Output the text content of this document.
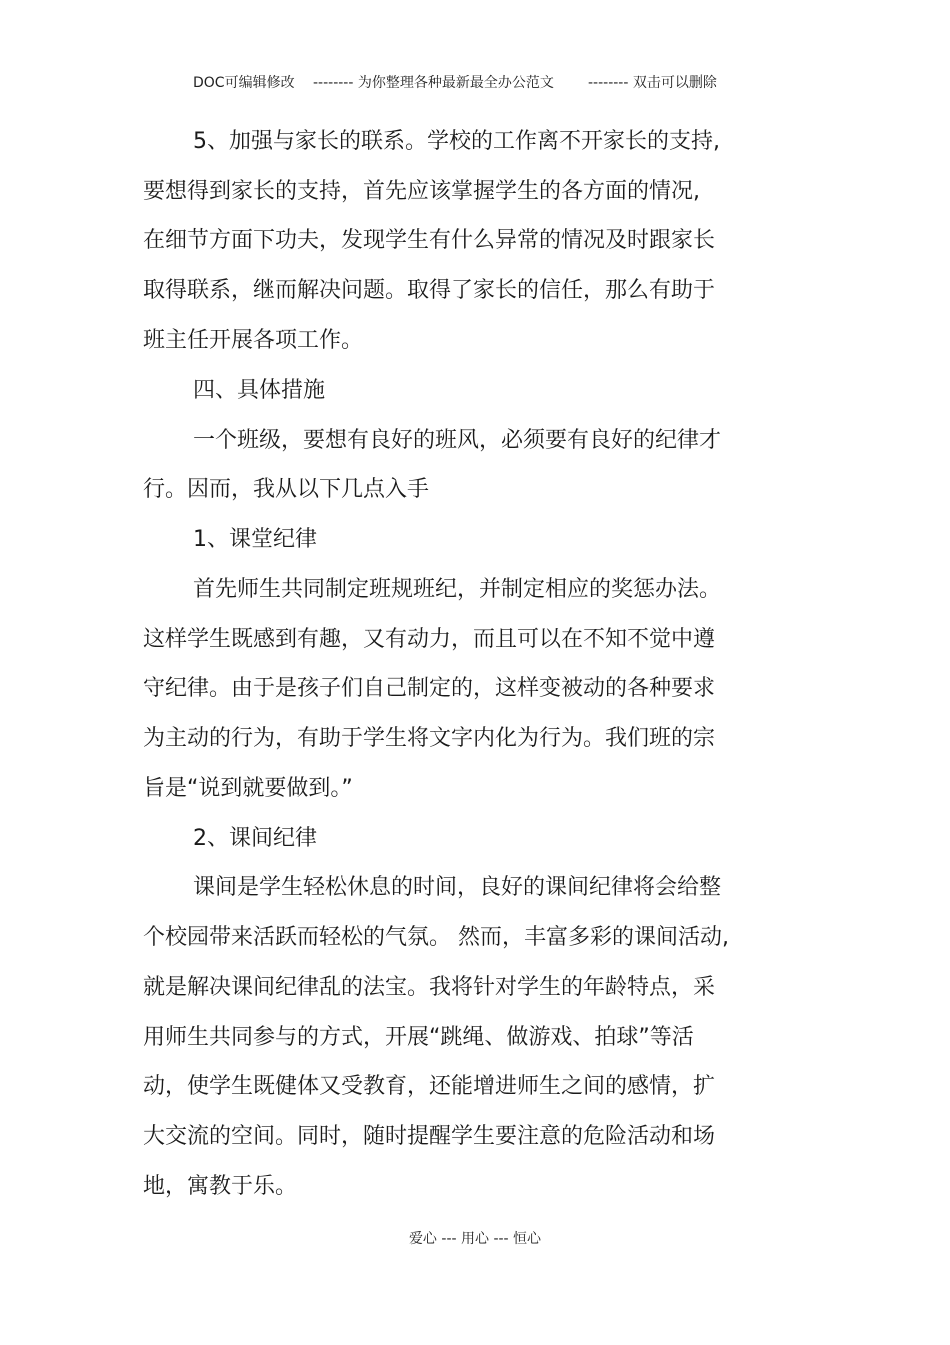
DOC可编辑修改 -------- 为你整理各种最新最全办公范文 -------- 双击可以删除
5、加强与家长的联系。学校的工作离不开家长的支持,
要想得到家长的支持，首先应该掌握学生的各方面的情况,
在细节方面下功夫，发现学生有什么异常的情况及时跟家长
取得联系，继而解决问题。取得了家长的信任，那么有助于
班主任开展各项工作。
四、具体措施
一个班级，要想有良好的班风，必须要有良好的纪律才
行。因而，我从以下几点入手
1、课堂纪律
首先师生共同制定班规班纪，并制定相应的奖惩办法。
这样学生既感到有趣，又有动力，而且可以在不知不觉中遵
守纪律。由于是孩子们自己制定的，这样变被动的各种要求
为主动的行为，有助于学生将文字内化为行为。我们班的宗
旨是“说到就要做到。”
2、课间纪律
课间是学生轻松休息的时间，良好的课间纪律将会给整
个校园带来活跃而轻松的气氛。 然而，丰富多彩的课间活动,
就是解决课间纪律乱的法宝。我将针对学生的年龄特点，采
用师生共同参与的方式，开展“跳绳、做游戏、拍球”等活
动，使学生既健体又受教育，还能增进师生之间的感情，扩
大交流的空间。同时，随时提醒学生要注意的危险活动和场
地，寓教于乐。
爱心 --- 用心 --- 恒心
